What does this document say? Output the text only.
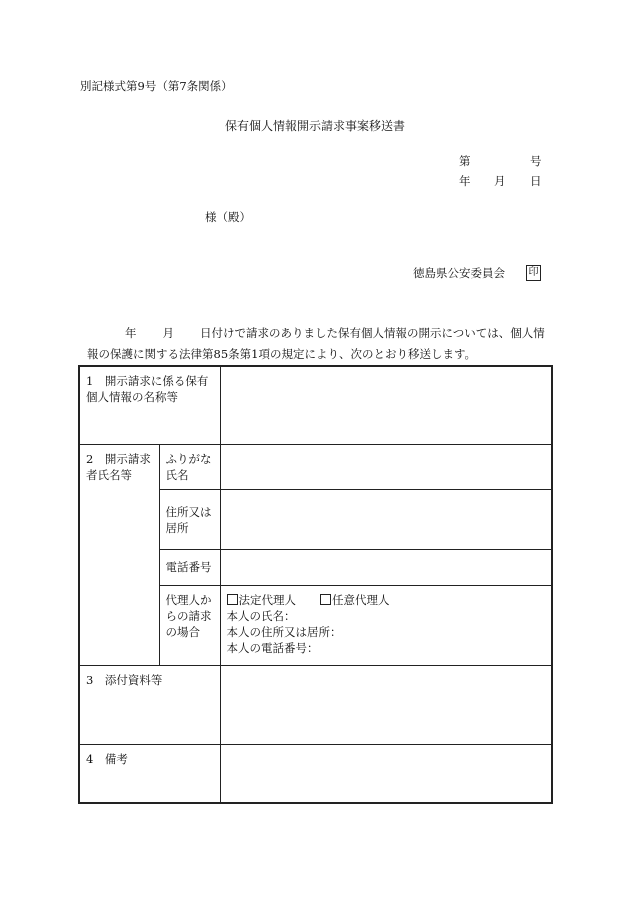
別記様式第9号（第7条関係）
保有個人情報開示請求事案移送書
第	号
年 月 日
様（殿）
徳島県公安委員会 印
年 月 日付けで請求のありました保有個人情報の開示については、個人情
報の保護に関する法律第85条第1項の規定により、次のとおり移送します。
1　開示請求に係る保有個人情報の名称等		

2　開示請求者氏名等	ふりがな氏名	

	住所又は居所	

	電話番号	

	代理人からの請求の場合	法定代理人 任意代理人
本人の氏名：
本人の住所又は居所：
本人の電話番号：

3　添付資料等		

4　備考		
